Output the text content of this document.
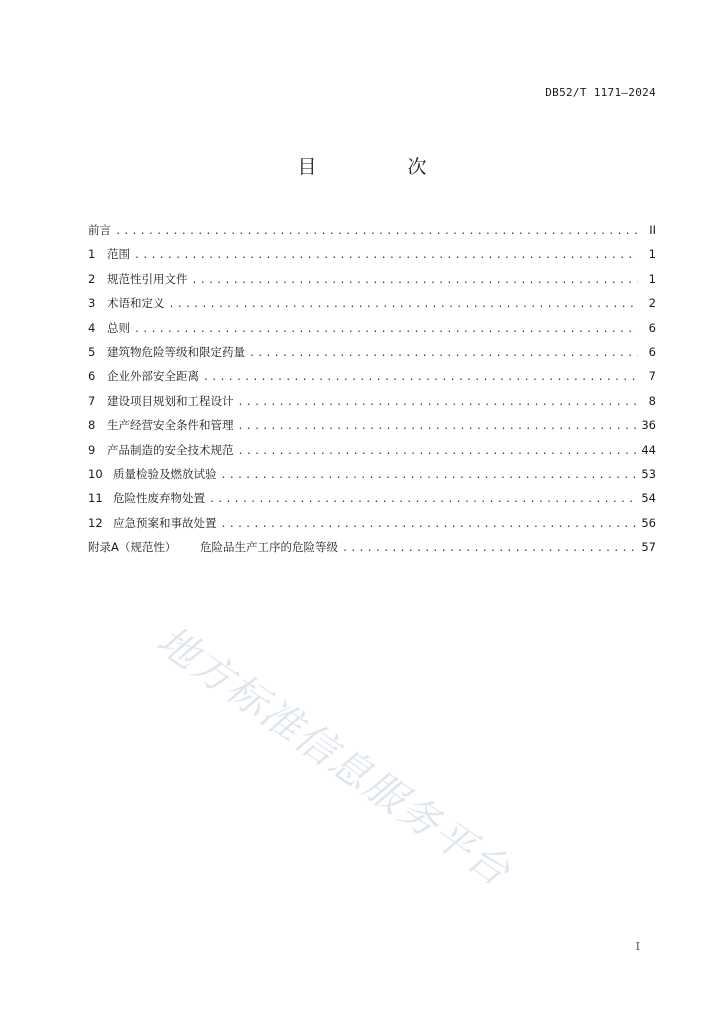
DB52/T 1171—2024
目　次
前言 .....	II
1	范围 .....	1
2	规范性引用文件 .....	1
3	术语和定义 .....	2
4	总则 .....	6
5	建筑物危险等级和限定药量 .....	6
6	企业外部安全距离 .....	7
7	建设项目规划和工程设计 .....	8
8	生产经营安全条件和管理 .....	36
9	产品制造的安全技术规范 .....	44
10 质量检验及燃放试验 .....	53
11 危险性废弃物处置 .....	54
12 应急预案和事故处置 .....	56
附录A（规范性）	危险品生产工序的危险等级 .....	57
地方标准信息服务平台
I
